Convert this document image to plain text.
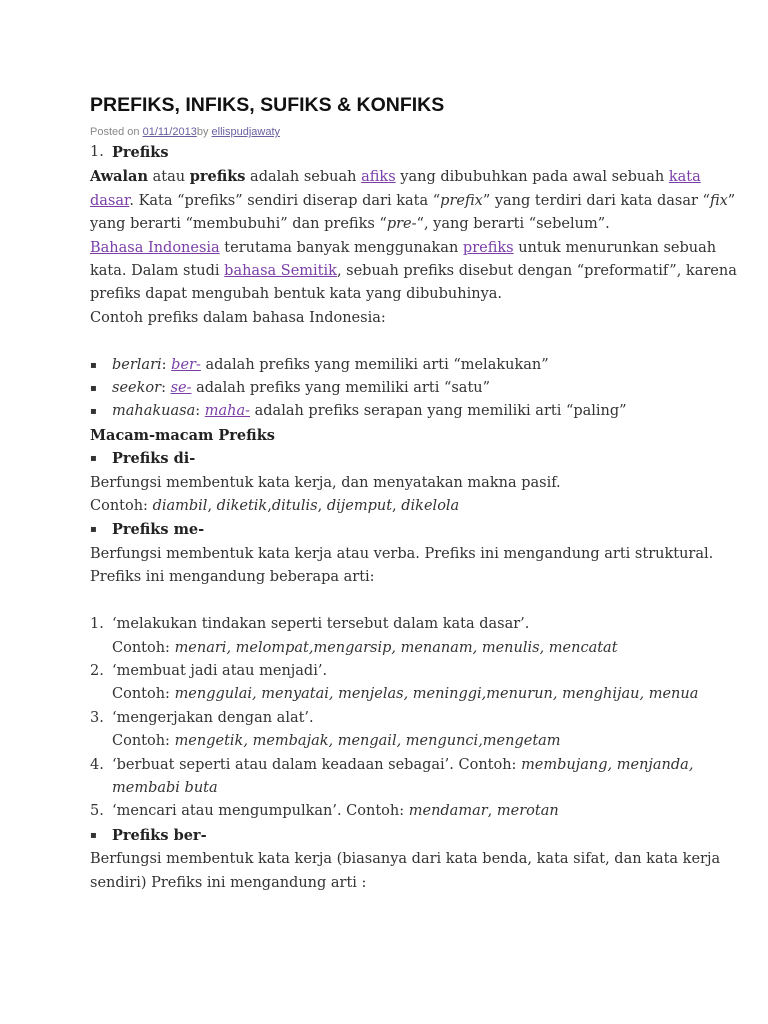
PREFIKS, INFIKS, SUFIKS & KONFIKS
Posted on 01/11/2013by ellispudjawaty
1. Prefiks

Awalan atau prefiks adalah sebuah afiks yang dibubuhkan pada awal sebuah kata

dasar. Kata “prefiks” sendiri diserap dari kata “prefix” yang terdiri dari kata dasar “fix”

yang berarti “membubuhi” dan prefiks “pre-“, yang berarti “sebelum”.

Bahasa Indonesia terutama banyak menggunakan prefiks untuk menurunkan sebuah

kata. Dalam studi bahasa Semitik, sebuah prefiks disebut dengan “preformatif”, karena

prefiks dapat mengubah bentuk kata yang dibubuhinya.

Contoh prefiks dalam bahasa Indonesia:

▪ berlari: ber- adalah prefiks yang memiliki arti “melakukan”
▪ seekor: se- adalah prefiks yang memiliki arti “satu”
▪ mahakuasa: maha- adalah prefiks serapan yang memiliki arti “paling”

Macam-macam Prefiks

▪ Prefiks di-

Berfungsi membentuk kata kerja, dan menyatakan makna pasif.

Contoh: diambil, diketik,ditulis, dijemput, dikelola

▪ Prefiks me-

Berfungsi membentuk kata kerja atau verba. Prefiks ini mengandung arti struktural.

Prefiks ini mengandung beberapa arti:

1. ‘melakukan tindakan seperti tersebut dalam kata dasar’.
Contoh: menari, melompat,mengarsip, menanam, menulis, mencatat
2. ‘membuat jadi atau menjadi’.
Contoh: menggulai, menyatai, menjelas, meninggi,menurun, menghijau, menua
3. ‘mengerjakan dengan alat’.
Contoh: mengetik, membajak, mengail, mengunci,mengetam
4. ‘berbuat seperti atau dalam keadaan sebagai’. Contoh: membujang, menjanda,
membabi buta
5. ‘mencari atau mengumpulkan’. Contoh: mendamar, merotan
▪ Prefiks ber-

Berfungsi membentuk kata kerja (biasanya dari kata benda, kata sifat, dan kata kerja

sendiri) Prefiks ini mengandung arti :
